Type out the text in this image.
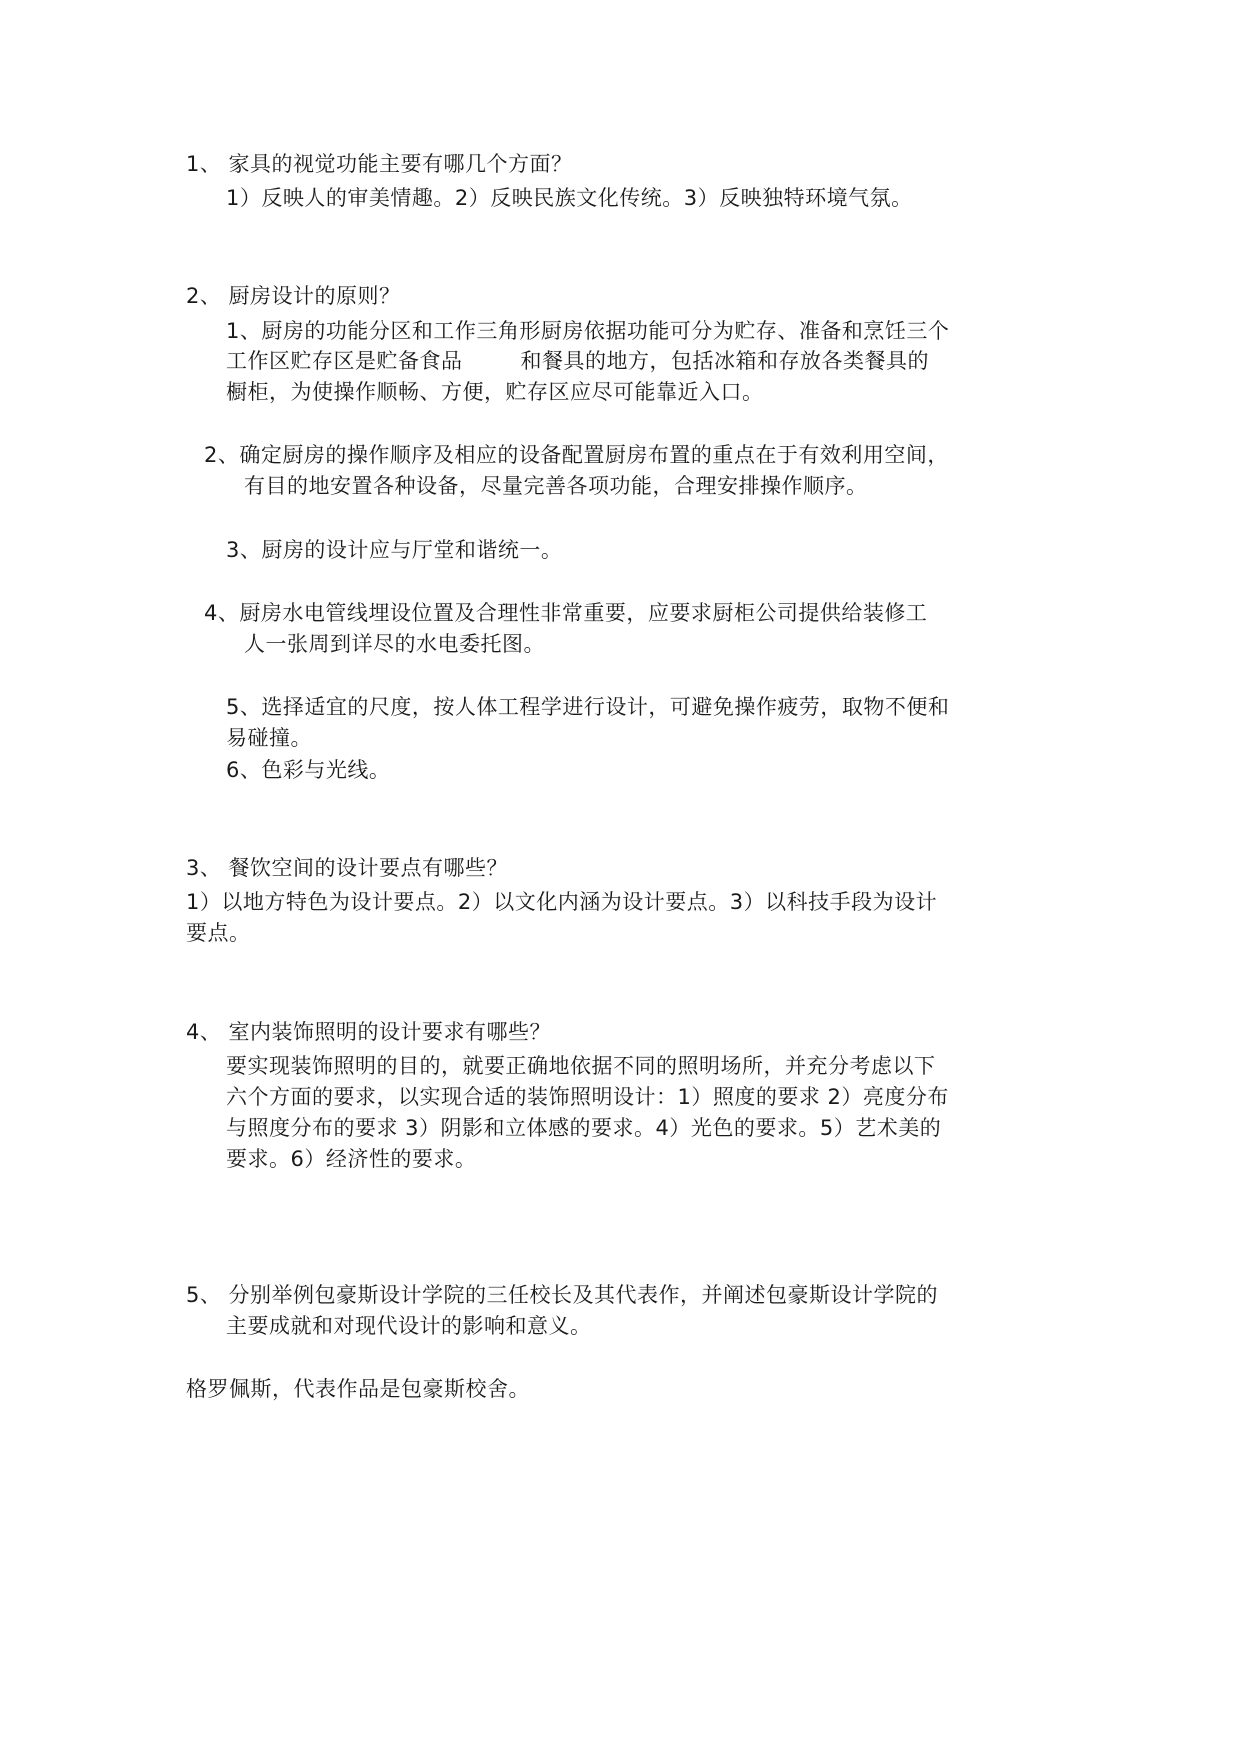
1、 家具的视觉功能主要有哪几个方面？
1）反映人的审美情趣。2）反映民族文化传统。3）反映独特环境气氛。
2、 厨房设计的原则？
1、厨房的功能分区和工作三角形厨房依据功能可分为贮存、准备和烹饪三个
工作区贮存区是贮备食品	和餐具的地方，包括冰箱和存放各类餐具的
橱柜，为使操作顺畅、方便，贮存区应尽可能靠近入口。
2、确定厨房的操作顺序及相应的设备配置厨房布置的重点在于有效利用空间，
有目的地安置各种设备，尽量完善各项功能，合理安排操作顺序。
3、厨房的设计应与厅堂和谐统一。
4、厨房水电管线埋设位置及合理性非常重要，应要求厨柜公司提供给装修工
人一张周到详尽的水电委托图。
5、选择适宜的尺度，按人体工程学进行设计，可避免操作疲劳，取物不便和
易碰撞。
6、色彩与光线。
3、 餐饮空间的设计要点有哪些？
1）以地方特色为设计要点。2）以文化内涵为设计要点。3）以科技手段为设计
要点。
4、 室内装饰照明的设计要求有哪些？
要实现装饰照明的目的，就要正确地依据不同的照明场所，并充分考虑以下
六个方面的要求，以实现合适的装饰照明设计：1）照度的要求 2）亮度分布
与照度分布的要求 3）阴影和立体感的要求。4）光色的要求。5）艺术美的
要求。6）经济性的要求。
5、 分别举例包豪斯设计学院的三任校长及其代表作，并阐述包豪斯设计学院的
主要成就和对现代设计的影响和意义。
格罗佩斯，代表作品是包豪斯校舍。
